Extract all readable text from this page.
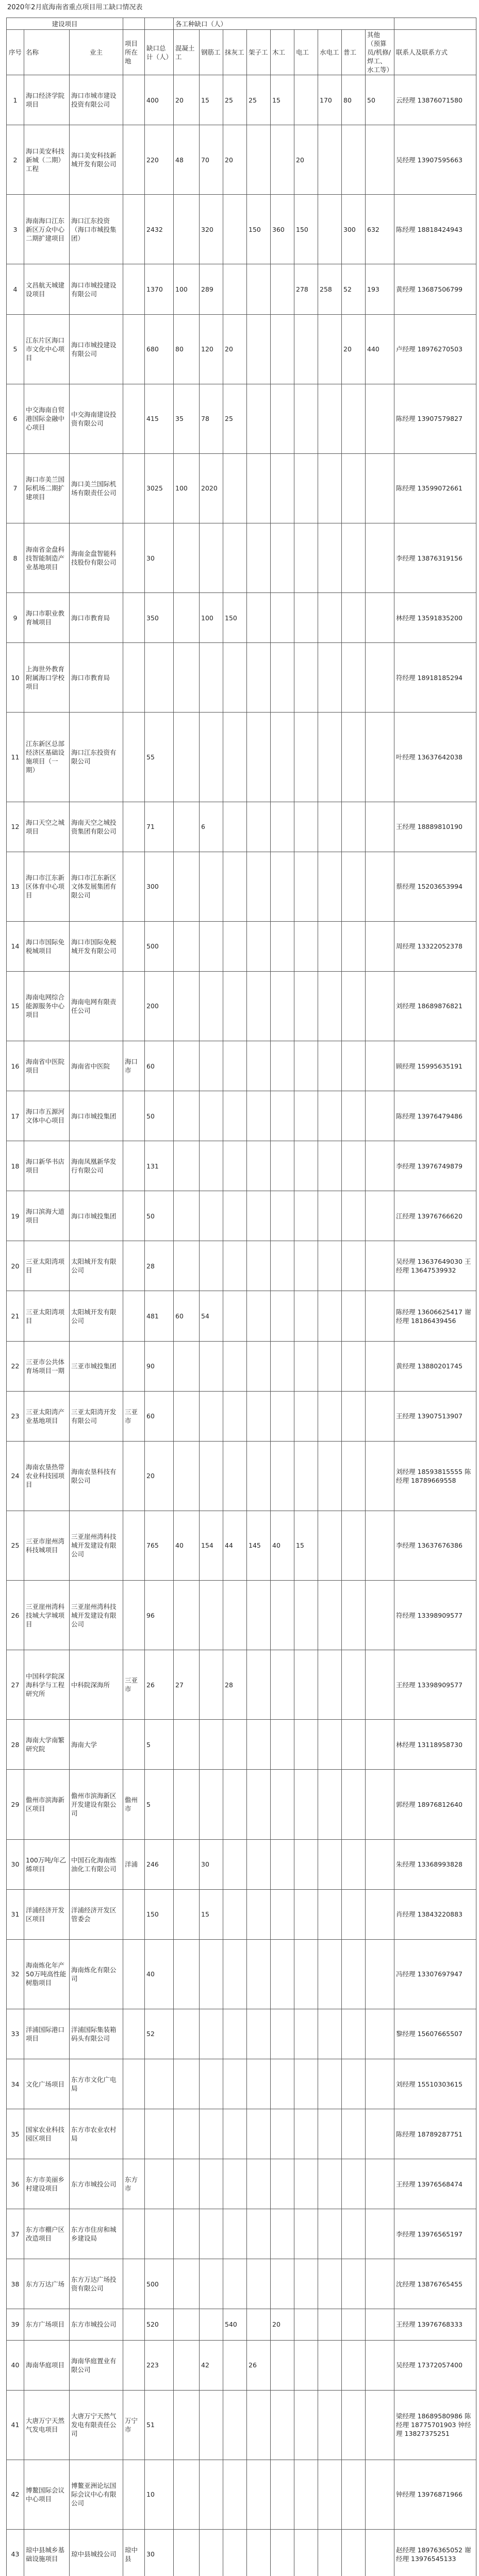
2020年2月底海南省重点项目用工缺口情况表
建设项目					各工种缺口（人）									
序号	名称	业主	项目所在地	缺口总计（人）	混凝土工	钢筋工	抹灰工	架子工	木工	电工	水电工	普工	其他（预算员/机修/焊工、水工等）	联系人及联系方式
1	海口经济学院项目	海口市城市建设投资有限公司		400	20	15	25	25	15		170	80	50	云经理 13876071580
2	海口美安科技新城（二期）工程	海口美安科技新城开发有限公司		220	48	70	20			20				吴经理 13907595663
3	海南海口江东新区万众中心二期扩建项目	海口江东投资（海口市城投集团）		2432		320		150	360	150		300	632	陈经理 18818424943
4	文昌航天城建设项目	海口市城投建设有限公司		1370	100	289				278	258	52	193	黄经理 13687506799
5	江东片区海口市文化中心项目	海口市城投建设有限公司		680	80	120	20					20	440	卢经理 18976270503
6	中交海南自贸港国际金融中心项目	中交海南建设投资有限公司		415	35	78	25							陈经理 13907579827
7	海口市美兰国际机场二期扩建项目	海口美兰国际机场有限责任公司		3025	100	2020								陈经理 13599072661
8	海南省金盘科技智能制造产业基地项目	海南金盘智能科技股份有限公司		30										李经理 13876319156
9	海口市职业教育城项目	海口市教育局		350		100	150							林经理 13591835200
10	上海世外教育附属海口学校项目	海口市教育局												符经理 18918185294
11	江东新区总部经济区基础设施项目（一期）	海口江东投资有限公司		55										叶经理 13637642038
12	海口天空之城项目	海南天空之城投资集团有限公司		71		6								王经理 18889810190
13	海口市江东新区体育中心项目	海口市江东新区文体发展集团有限公司		300										蔡经理 15203653994
14	海口市国际免税城项目	海口市国际免税城开发有限公司		500										周经理 13322052378
15	海南电网综合能源服务中心项目	海南电网有限责任公司		200										刘经理 18689876821
16	海南省中医院项目	海南省中医院	海口市	60										顾经理 15995635191
17	海口市五源河文体中心项目	海口市城投集团		50										陈经理 13976479486
18	海口新华书店项目	海南凤凰新华发行有限公司		131										李经理 13976749879
19	海口滨海大道项目	海口市城投集团		50										江经理 13976766620
20	三亚太阳湾项目	太阳城开发有限公司		28										吴经理 13637649030 王经理 13647539932
21	三亚太阳湾项目	太阳城开发有限公司		481	60	54								陈经理 13606625417 谢经理 18186439456
22	三亚市公共体育场项目一期	三亚市城投集团		90										黄经理 13880201745
23	三亚太阳湾产业基地项目	三亚太阳湾开发有限公司	三亚市	60										王经理 13907513907
24	海南农垦热带农业科技园项目	海南农垦科技有限公司		20										刘经理 18593815555 陈经理 18789669558
25	三亚市崖州湾科技城项目	三亚崖州湾科技城开发建设有限公司		765	40	154	44	145	40	15				李经理 13637676386
26	三亚崖州湾科技城大学城项目	三亚崖州湾科技城开发建设有限公司		96										符经理 13398909577
27	中国科学院深海科学与工程研究所	中科院深海所	三亚市	26	27		28							王经理 13398909577
28	海南大学南繁研究院	海南大学		5										林经理 13118958730
29	儋州市滨海新区项目	儋州市滨海新区开发建设有限公司	儋州市	5										郭经理 18976812640
30	100万吨/年乙烯项目	中国石化海南炼油化工有限公司	洋浦	246		30								朱经理 13368993828
31	洋浦经济开发区项目	洋浦经济开发区管委会		150		15								肖经理 13843220883
32	海南炼化年产50万吨高性能树脂项目	海南炼化有限公司		40										冯经理 13307697947
33	洋浦国际港口项目	洋浦国际集装箱码头有限公司		52										黎经理 15607665507
34	文化广场项目	东方市文化广电局												刘经理 15510303615
35	国家农业科技园区项目	东方市农业农村局												陈经理 18789287751
36	东方市美丽乡村建设项目	东方市城投公司	东方市											王经理 13976568474
37	东方市棚户区改造项目	东方市住房和城乡建设局												李经理 13976565197
38	东方万达广场	东方万达广场投资有限公司		500										沈经理 13876765455
39	东方广场项目	东方市城投公司		520			540		20					王经理 13976768333
40	海南华庭项目	海南华庭置业有限公司		223		42		26						吴经理 17372057400
41	大唐万宁天然气发电项目	大唐万宁天然气发电有限责任公司	万宁市	51										梁经理 18689580986 陈经理 18775701903 钟经理 13827375251
42	博鳌国际会议中心项目	博鳌亚洲论坛国际会议中心有限公司		10										钟经理 13976871966
43	琼中县城乡基础设施项目	琼中县城投公司	琼中县	30										赵经理 18976365052 谢经理 13976545133
